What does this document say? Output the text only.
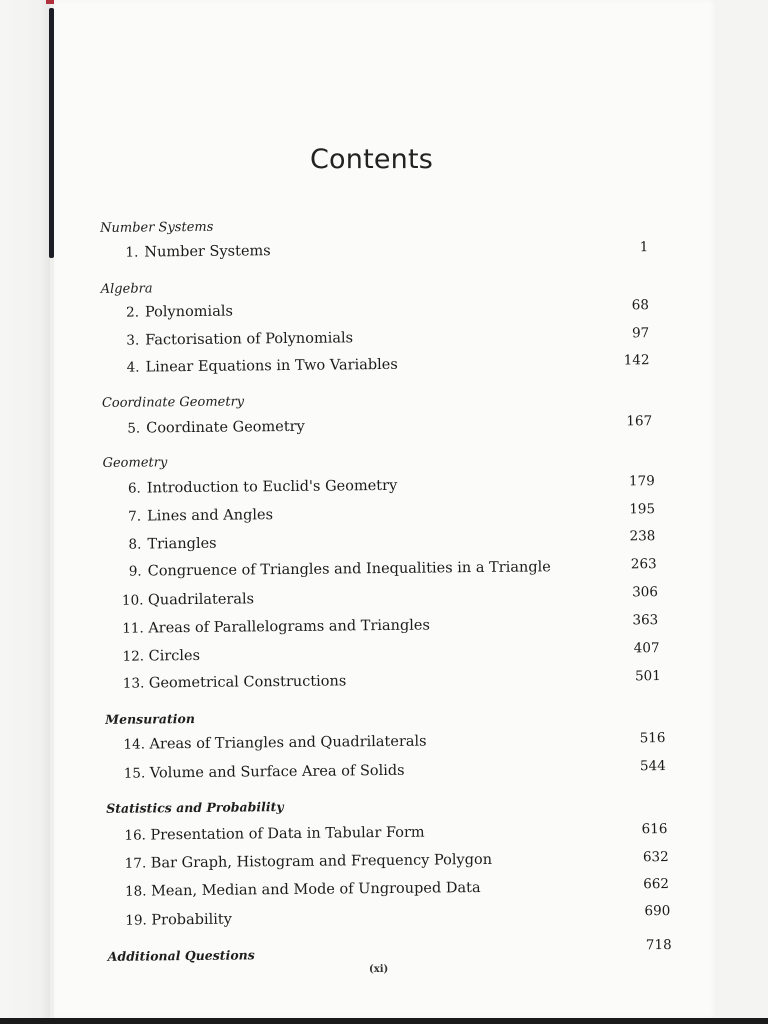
Contents
Number Systems
Algebra
Coordinate Geometry
Geometry
Mensuration
Statistics and Probability
Additional Questions
1. Number Systems
2. Polynomials
3. Factorisation of Polynomials
4. Linear Equations in Two Variables
5. Coordinate Geometry
6. Introduction to Euclid's Geometry
7. Lines and Angles
8. Triangles
9. Congruence of Triangles and Inequalities in a Triangle
10. Quadrilaterals
11. Areas of Parallelograms and Triangles
12. Circles
13. Geometrical Constructions
14. Areas of Triangles and Quadrilaterals
15. Volume and Surface Area of Solids
16. Presentation of Data in Tabular Form
17. Bar Graph, Histogram and Frequency Polygon
18. Mean, Median and Mode of Ungrouped Data
19. Probability
1
68
97
142
167
179
195
238
263
306
363
407
501
516
544
616
632
662
690
718
(xi)
